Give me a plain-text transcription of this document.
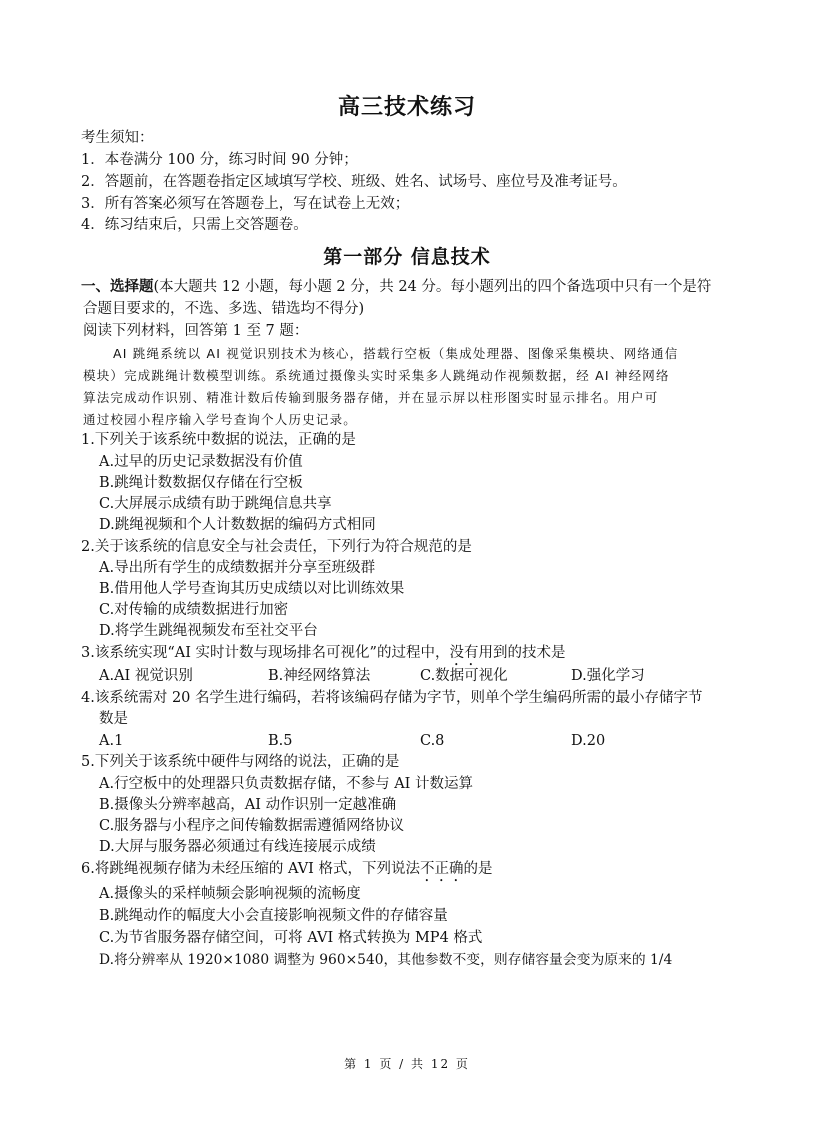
高三技术练习
考生须知：
1．本卷满分 100 分，练习时间 90 分钟；
2．答题前，在答题卷指定区域填写学校、班级、姓名、试场号、座位号及准考证号。
3．所有答案必须写在答题卷上，写在试卷上无效；
4．练习结束后，只需上交答题卷。
第一部分 信息技术
一、选择题(本大题共 12 小题，每小题 2 分，共 24 分。每小题列出的四个备选项中只有一个是符
合题目要求的，不选、多选、错选均不得分)
阅读下列材料，回答第 1 至 7 题：
AI 跳绳系统以 AI 视觉识别技术为核心，搭载行空板（集成处理器、图像采集模块、网络通信
模块）完成跳绳计数模型训练。系统通过摄像头实时采集多人跳绳动作视频数据，经 AI 神经网络
算法完成动作识别、精准计数后传输到服务器存储，并在显示屏以柱形图实时显示排名。用户可
通过校园小程序输入学号查询个人历史记录。
1.下列关于该系统中数据的说法，正确的是
A.过早的历史记录数据没有价值
B.跳绳计数数据仅存储在行空板
C.大屏展示成绩有助于跳绳信息共享
D.跳绳视频和个人计数数据的编码方式相同
2.关于该系统的信息安全与社会责任，下列行为符合规范的是
A.导出所有学生的成绩数据并分享至班级群
B.借用他人学号查询其历史成绩以对比训练效果
C.对传输的成绩数据进行加密
D.将学生跳绳视频发布至社交平台
3.该系统实现“AI 实时计数与现场排名可视化”的过程中，没有用到的技术是
A.AI 视觉识别	B.神经网络算法	C.数据可视化	D.强化学习
4.该系统需对 20 名学生进行编码，若将该编码存储为字节，则单个学生编码所需的最小存储字节
数是
A.1	B.5	C.8	D.20
5.下列关于该系统中硬件与网络的说法，正确的是
A.行空板中的处理器只负责数据存储，不参与 AI 计数运算
B.摄像头分辨率越高，AI 动作识别一定越准确
C.服务器与小程序之间传输数据需遵循网络协议
D.大屏与服务器必须通过有线连接展示成绩
6.将跳绳视频存储为未经压缩的 AVI 格式，下列说法不正确的是
A.摄像头的采样帧频会影响视频的流畅度
B.跳绳动作的幅度大小会直接影响视频文件的存储容量
C.为节省服务器存储空间，可将 AVI 格式转换为 MP4 格式
D.将分辨率从 1920×1080 调整为 960×540，其他参数不变，则存储容量会变为原来的 1/4
第 1 页 / 共 12 页
